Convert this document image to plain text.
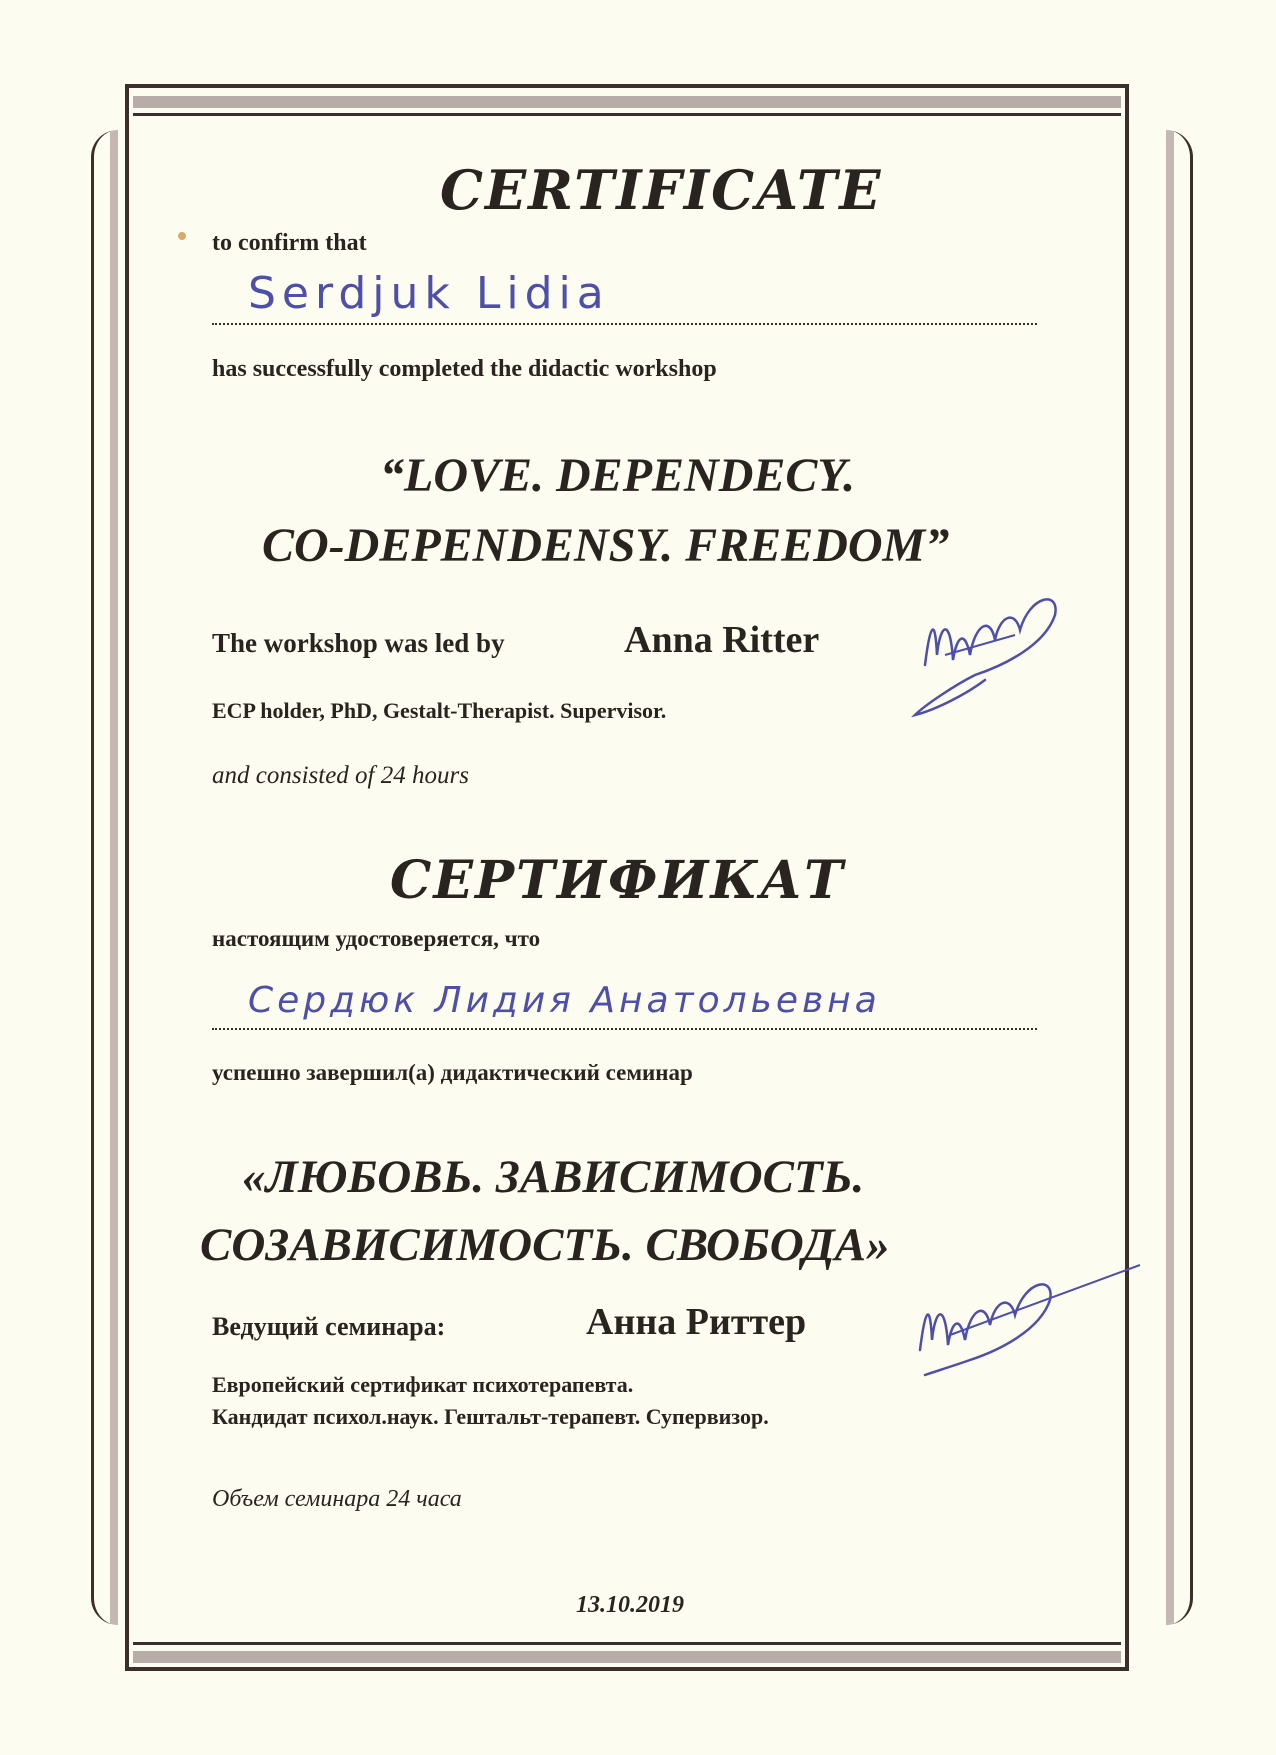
CERTIFICATE
to confirm that
Serdjuk Lidia
has successfully completed the didactic workshop
“LOVE. DEPENDECY.
CO-DEPENDENSY. FREEDOM”
The workshop was led by	Anna Ritter
ECP holder, PhD, Gestalt-Therapist. Supervisor.
and consisted of 24 hours
СЕРТИФИКАТ
настоящим удостоверяется, что
Сердюк Лидия Анатольевна
успешно завершил(а) дидактический семинар
«ЛЮБОВЬ. ЗАВИСИМОСТЬ.
СОЗАВИСИМОСТЬ. СВОБОДА»
Ведущий семинара:	Анна Риттер
Европейский сертификат психотерапевта.
Кандидат психол.наук. Гештальт-терапевт. Супервизор.
Объем семинара 24 часа
13.10.2019
